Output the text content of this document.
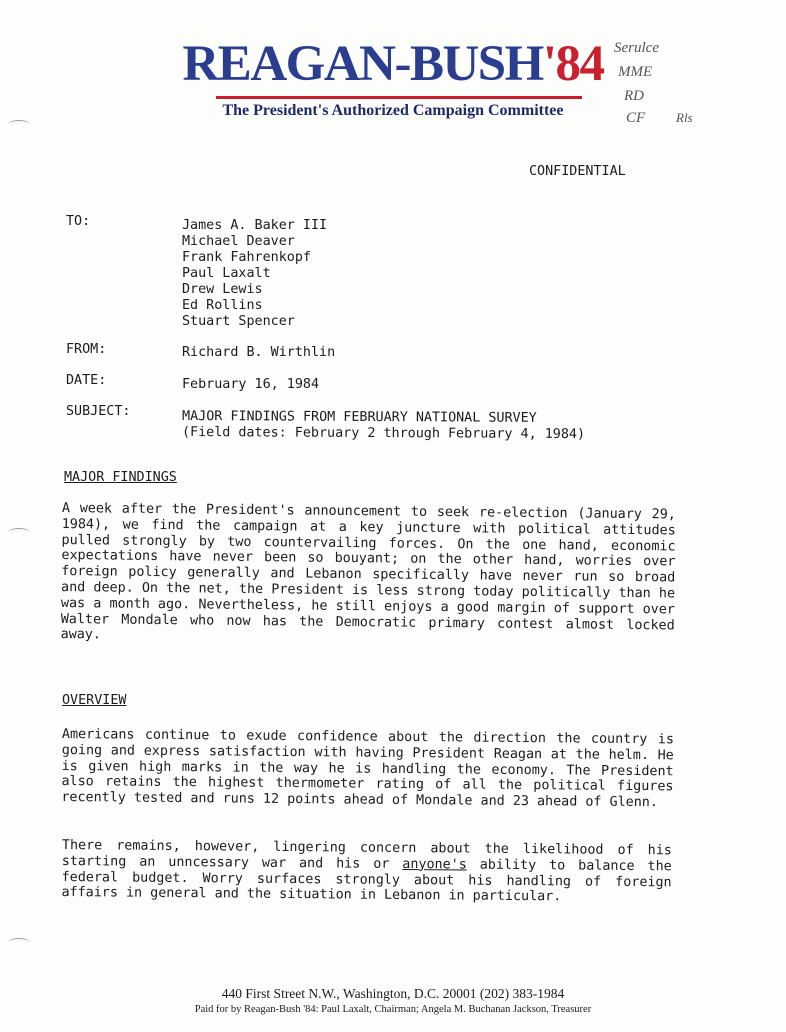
REAGAN-BUSH'84
The President's Authorized Campaign Committee
Serulce
MME
RD
CF Rls
CONFIDENTIAL
TO:	James A. Baker III
Michael Deaver
Frank Fahrenkopf
Paul Laxalt
Drew Lewis
Ed Rollins
Stuart Spencer
FROM:	Richard B. Wirthlin
DATE:	February 16, 1984
SUBJECT:	MAJOR FINDINGS FROM FEBRUARY NATIONAL SURVEY
(Field dates: February 2 through February 4, 1984)
MAJOR FINDINGS

A week after the President's announcement to seek re-election (January 29, 1984), we find the campaign at a key juncture with political attitudes pulled strongly by two countervailing forces. On the one hand, economic expectations have never been so bouyant; on the other hand, worries over foreign policy generally and Lebanon specifically have never run so broad and deep. On the net, the President is less strong today politically than he was a month ago. Nevertheless, he still enjoys a good margin of support over Walter Mondale who now has the Democratic primary contest almost locked away.

OVERVIEW

Americans continue to exude confidence about the direction the country is going and express satisfaction with having President Reagan at the helm. He is given high marks in the way he is handling the economy. The President also retains the highest thermometer rating of all the political figures recently tested and runs 12 points ahead of Mondale and 23 ahead of Glenn.

There remains, however, lingering concern about the likelihood of his starting an unncessary war and his or anyone's ability to balance the federal budget. Worry surfaces strongly about his handling of foreign affairs in general and the situation in Lebanon in particular.

440 First Street N.W., Washington, D.C. 20001 (202) 383-1984
Paid for by Reagan-Bush '84: Paul Laxalt, Chairman; Angela M. Buchanan Jackson, Treasurer
